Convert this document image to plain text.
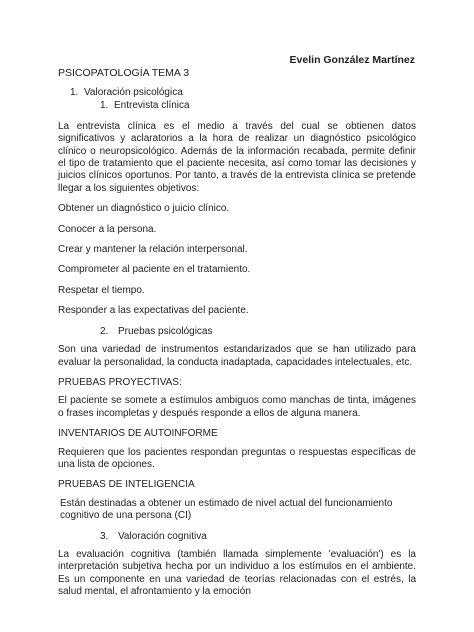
Evelin González Martínez
PSICOPATOLOGÍA TEMA 3
1. Valoración psicológica
1. Entrevista clínica

La entrevista clínica es el medio a través del cual se obtienen datos significativos y aclaratorios a la hora de realizar un diagnóstico psicológico clínico o neuropsicológico. Además de la información recabada, permite definir el tipo de tratamiento que el paciente necesita, así como tomar las decisiones y juicios clínicos oportunos. Por tanto, a través de la entrevista clínica se pretende llegar a los siguientes objetivos:

Obtener un diagnóstico o juicio clínico.

Conocer a la persona.

Crear y mantener la relación interpersonal.

Comprometer al paciente en el tratamiento.

Respetar el tiempo.

Responder a las expectativas del paciente.

2. Pruebas psicológicas

Son una variedad de instrumentos estandarizados que se han utilizado para evaluar la personalidad, la conducta inadaptada, capacidades intelectuales, etc.

PRUEBAS PROYECTIVAS:

El paciente se somete a estímulos ambiguos como manchas de tinta, imágenes o frases incompletas y después responde a ellos de alguna manera.

INVENTARIOS DE AUTOINFORME

Requieren que los pacientes respondan preguntas o respuestas específicas de una lista de opciones.

PRUEBAS DE INTELIGENCIA

Están destinadas a obtener un estimado de nivel actual del funcionamiento cognitivo de una persona (CI)

3. Valoración cognitiva

La evaluación cognitiva (también llamada simplemente 'evaluación') es la interpretación subjetiva hecha por un individuo a los estímulos en el ambiente. Es un componente en una variedad de teorías relacionadas con el estrés, la salud mental, el afrontamiento y la emoción
